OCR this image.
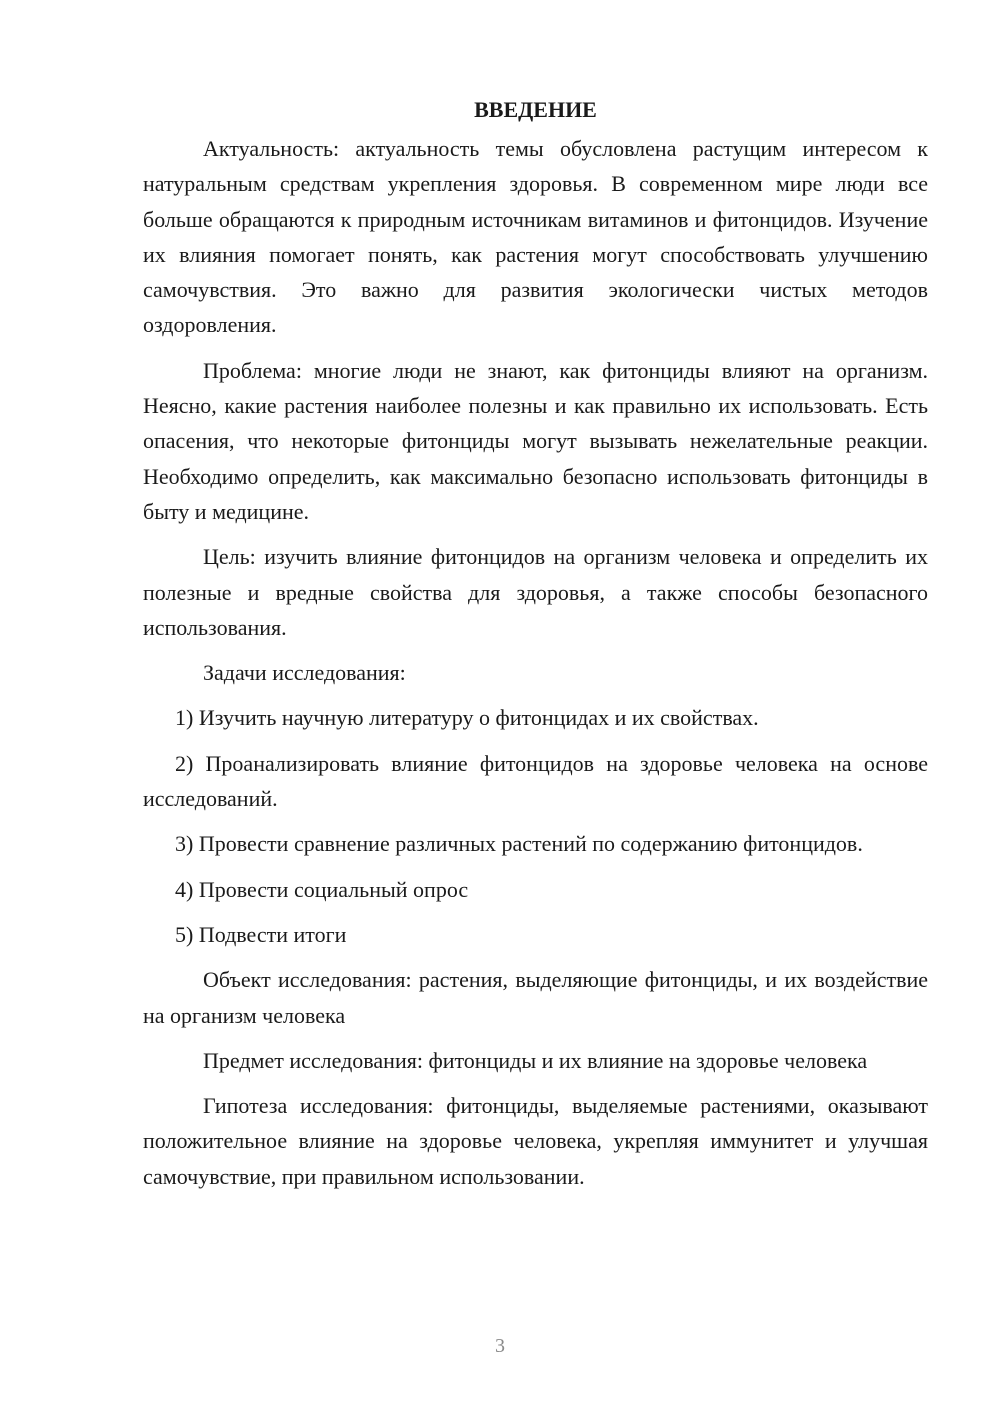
ВВЕДЕНИЕ

Актуальность: актуальность темы обусловлена растущим интересом к натуральным средствам укрепления здоровья. В современном мире люди все больше обращаются к природным источникам витаминов и фитонцидов. Изучение их влияния помогает понять, как растения могут способствовать улучшению самочувствия. Это важно для развития экологически чистых методов оздоровления.

Проблема: многие люди не знают, как фитонциды влияют на организм. Неясно, какие растения наиболее полезны и как правильно их использовать. Есть опасения, что некоторые фитонциды могут вызывать нежелательные реакции. Необходимо определить, как максимально безопасно использовать фитонциды в быту и медицине.

Цель: изучить влияние фитонцидов на организм человека и определить их полезные и вредные свойства для здоровья, а также способы безопасного использования.

Задачи исследования:

1) Изучить научную литературу о фитонцидах и их свойствах.

2) Проанализировать влияние фитонцидов на здоровье человека на основе исследований.

3) Провести сравнение различных растений по содержанию фитонцидов.

4) Провести социальный опрос

5) Подвести итоги

Объект исследования: растения, выделяющие фитонциды, и их воздействие на организм человека

Предмет исследования: фитонциды и их влияние на здоровье человека

Гипотеза исследования: фитонциды, выделяемые растениями, оказывают положительное влияние на здоровье человека, укрепляя иммунитет и улучшая самочувствие, при правильном использовании.

3
